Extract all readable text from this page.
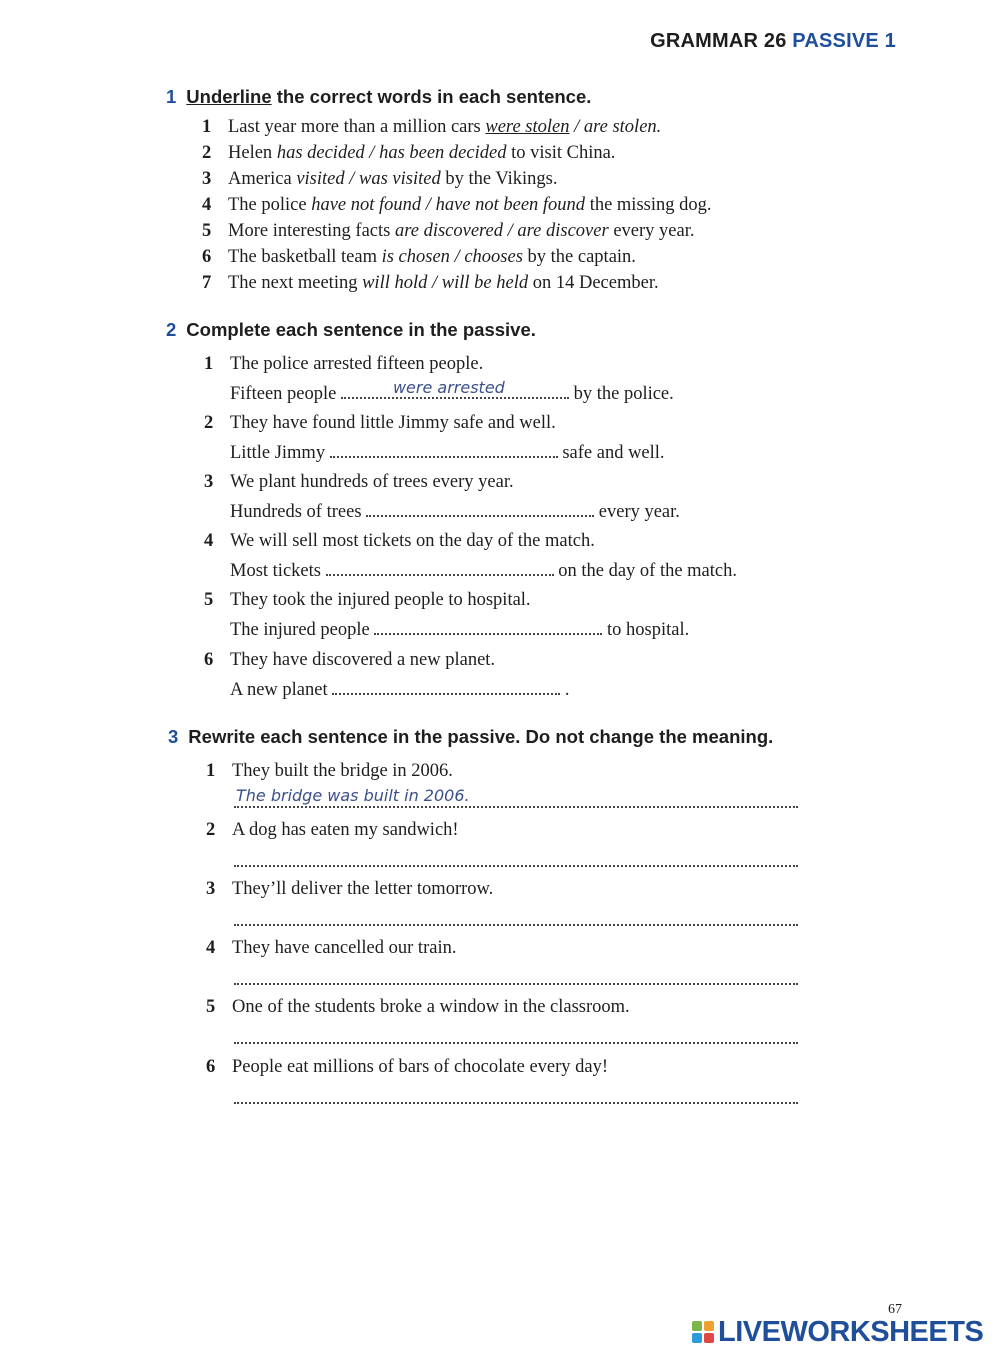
GRAMMAR 26 PASSIVE 1
1 Underline the correct words in each sentence.
1 Last year more than a million cars were stolen / are stolen.
2 Helen has decided / has been decided to visit China.
3 America visited / was visited by the Vikings.
4 The police have not found / have not been found the missing dog.
5 More interesting facts are discovered / are discover every year.
6 The basketball team is chosen / chooses by the captain.
7 The next meeting will hold / will be held on 14 December.
2 Complete each sentence in the passive.
1 The police arrested fifteen people.
Fifteen people	were arrested	by the police.
2 They have found little Jimmy safe and well.
Little Jimmy	safe and well.
3 We plant hundreds of trees every year.
Hundreds of trees	every year.
4 We will sell most tickets on the day of the match.
Most tickets	on the day of the match.
5 They took the injured people to hospital.
The injured people	to hospital.
6 They have discovered a new planet.
A new planet	.
3 Rewrite each sentence in the passive. Do not change the meaning.
1 They built the bridge in 2006.
The bridge was built in 2006.
2 A dog has eaten my sandwich!
3 They’ll deliver the letter tomorrow.
4 They have cancelled our train.
5 One of the students broke a window in the classroom.
6 People eat millions of bars of chocolate every day!
67
LIVEWORKSHEETS
